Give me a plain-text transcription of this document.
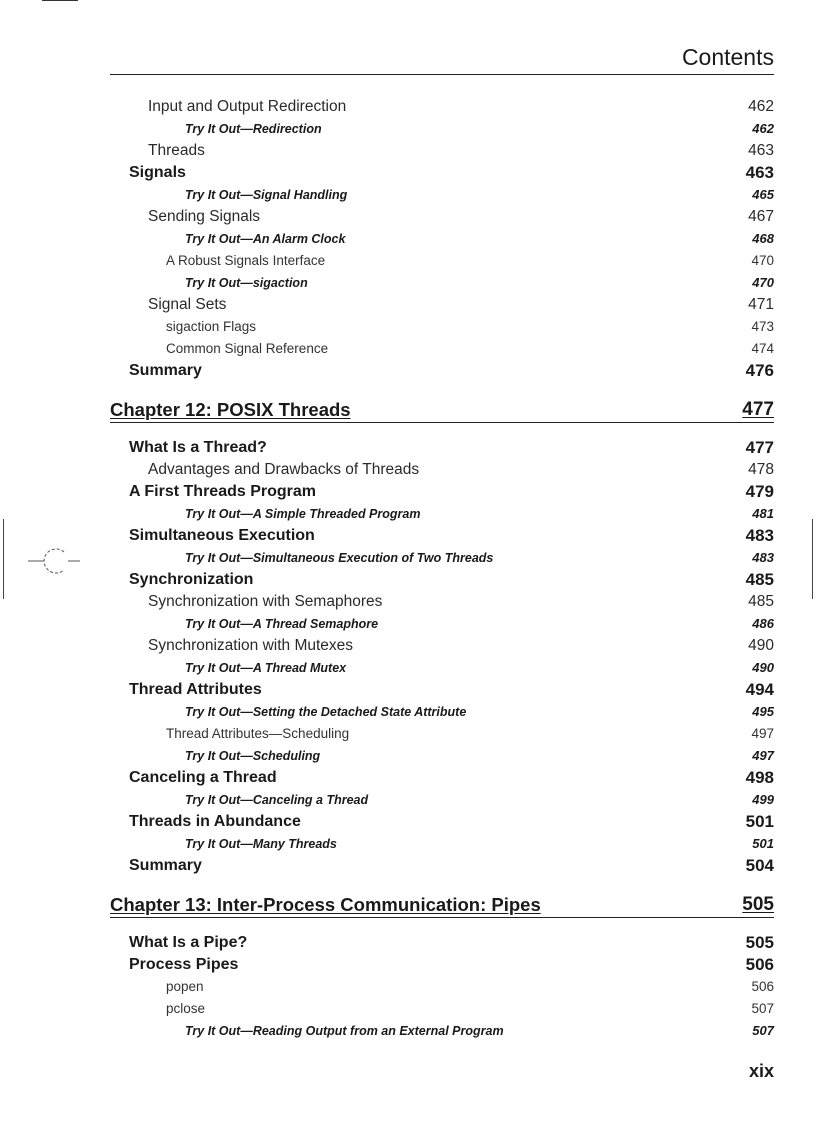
Contents
Input and Output Redirection	462
Try It Out—Redirection	462
Threads	463
Signals	463
Try It Out—Signal Handling	465
Sending Signals	467
Try It Out—An Alarm Clock	468
A Robust Signals Interface	470
Try It Out—sigaction	470
Signal Sets	471
sigaction Flags	473
Common Signal Reference	474
Summary	476
Chapter 12: POSIX Threads	477
What Is a Thread?	477
Advantages and Drawbacks of Threads	478
A First Threads Program	479
Try It Out—A Simple Threaded Program	481
Simultaneous Execution	483
Try It Out—Simultaneous Execution of Two Threads	483
Synchronization	485
Synchronization with Semaphores	485
Try It Out—A Thread Semaphore	486
Synchronization with Mutexes	490
Try It Out—A Thread Mutex	490
Thread Attributes	494
Try It Out—Setting the Detached State Attribute	495
Thread Attributes—Scheduling	497
Try It Out—Scheduling	497
Canceling a Thread	498
Try It Out—Canceling a Thread	499
Threads in Abundance	501
Try It Out—Many Threads	501
Summary	504
Chapter 13: Inter-Process Communication: Pipes	505
What Is a Pipe?	505
Process Pipes	506
popen	506
pclose	507
Try It Out—Reading Output from an External Program	507
xix
